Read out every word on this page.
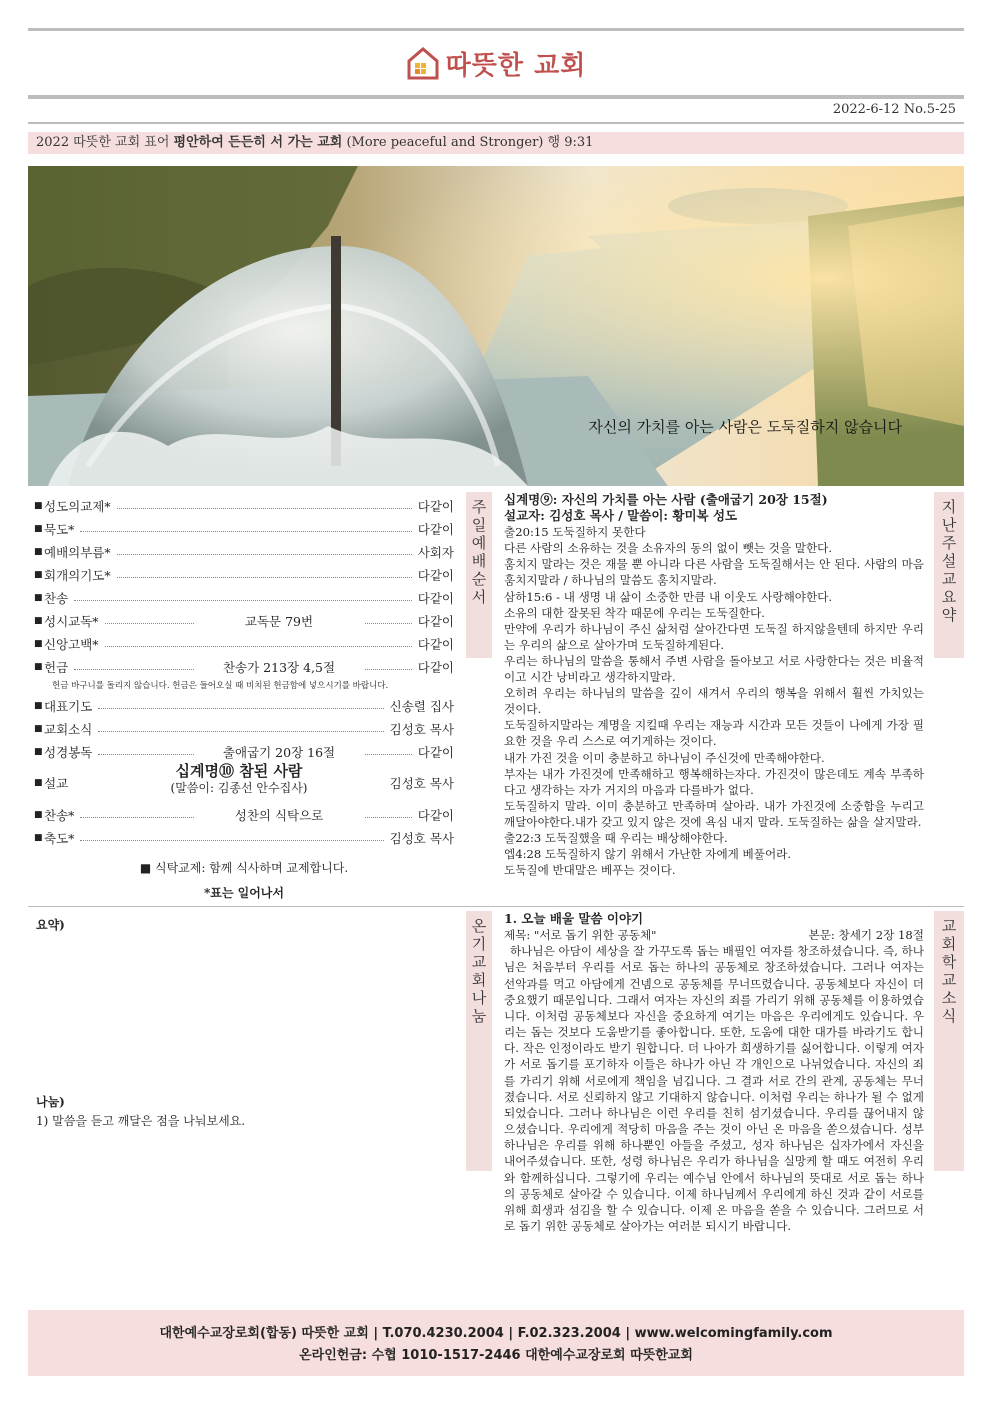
따뜻한 교회
2022-6-12 No.5-25
2022 따뜻한 교회 표어 평안하여 든든히 서 가는 교회 (More peaceful and Stronger) 행 9:31
자신의 가치를 아는 사람은 도둑질하지 않습니다
주
일
예
배
순
서
지
난
주
설
교
요
약
온
기
교
회
나
눔
교
회
학
교
소
식
■ 성도의교제*	다같이
■ 묵도*	다같이
■ 예배의부름*	사회자
■ 회개의기도*	다같이
■ 찬송	다같이
■ 성시교독*	교독문 79번	다같이
■ 신앙고백*	다같이
■ 헌금	찬송가 213장 4,5절	다같이
헌금 바구니를 돌리지 않습니다. 헌금은 들어오실 때 비치된 헌금함에 넣으시기를 바랍니다.
■ 대표기도	신송렬 집사
■ 교회소식	김성호 목사
■ 성경봉독	출애굽기 20장 16절	다같이
■ 설교
십계명⑩ 참된 사람
(말씀이: 김종선 안수집사)	김성호 목사
■ 찬송*	성찬의 식탁으로	다같이
■ 축도*	김성호 목사
■ 식탁교제: 함께 식사하며 교제합니다.
*표는 일어나서
십계명⑨: 자신의 가치를 아는 사람 (출애굽기 20장 15절)
설교자: 김성호 목사 / 말씀이: 황미복 성도
출20:15 도둑질하지 못한다
다른 사람의 소유하는 것을 소유자의 동의 없이 뺏는 것을 말한다.
훔치지 말라는 것은 재물 뿐 아니라 다른 사람을 도둑질해서는 안 된다. 사람의 마음 훔치지말라 / 하나님의 말씀도 훔치지말라.
삼하15:6 - 내 생명 내 삶이 소중한 만큼 내 이웃도 사랑해야한다.
소유의 대한 잘못된 착각 때문에 우리는 도둑질한다.
만약에 우리가 하나님이 주신 삶처럼 살아간다면 도둑질 하지않을텐데 하지만 우리는 우리의 삶으로 살아가며 도둑질하게된다.
우리는 하나님의 말씀을 통해서 주변 사람을 돌아보고 서로 사랑한다는 것은 비율적이고 시간 낭비라고 생각하지말라.
오히려 우리는 하나님의 말씀을 깊이 새겨서 우리의 행복을 위해서 훨씬 가치있는 것이다.
도둑질하지말라는 계명을 지킬때 우리는 재능과 시간과 모든 것들이 나에게 가장 필요한 것을 우리 스스로 여기게하는 것이다.
내가 가진 것을 이미 충분하고 하나님이 주신것에 만족해야한다.
부자는 내가 가진것에 만족해하고 행복해하는자다. 가진것이 많은데도 계속 부족하다고 생각하는 자가 거지의 마음과 다를바가 없다.
도둑질하지 말라. 이미 충분하고 만족하며 살아라. 내가 가진것에 소중함을 누리고 깨달아야한다.내가 갖고 있지 않은 것에 욕심 내지 말라. 도둑질하는 삶을 살지말라.
출22:3 도둑질했을 때 우리는 배상해야한다.
엡4:28 도둑질하지 않기 위해서 가난한 자에게 베풀어라.
도둑질에 반대말은 베푸는 것이다.
요약)
나눔)
1) 말씀을 듣고 깨달은 점을 나눠보세요.
1. 오늘 배울 말씀 이야기
제목: "서로 돕기 위한 공동체"	본문: 창세기 2장 18절
하나님은 아담이 세상을 잘 가꾸도록 돕는 배필인 여자를 창조하셨습니다. 즉, 하나님은 처음부터 우리를 서로 돕는 하나의 공동체로 창조하셨습니다. 그러나 여자는 선악과를 먹고 아담에게 건넴으로 공동체를 무너뜨렸습니다. 공동체보다 자신이 더 중요했기 때문입니다. 그래서 여자는 자신의 죄를 가리기 위해 공동체를 이용하였습니다. 이처럼 공동체보다 자신을 중요하게 여기는 마음은 우리에게도 있습니다. 우리는 돕는 것보다 도움받기를 좋아합니다. 또한, 도움에 대한 대가를 바라기도 합니다. 작은 인정이라도 받기 원합니다. 더 나아가 희생하기를 싫어합니다. 이렇게 여자가 서로 돕기를 포기하자 이들은 하나가 아닌 각 개인으로 나뉘었습니다. 자신의 죄를 가리기 위해 서로에게 책임을 넘깁니다. 그 결과 서로 간의 관계, 공동체는 무너졌습니다. 서로 신뢰하지 않고 기대하지 않습니다. 이처럼 우리는 하나가 될 수 없게 되었습니다. 그러나 하나님은 이런 우리를 친히 섬기셨습니다. 우리를 끊어내지 않으셨습니다. 우리에게 적당히 마음을 주는 것이 아닌 온 마음을 쏟으셨습니다. 성부 하나님은 우리를 위해 하나뿐인 아들을 주셨고, 성자 하나님은 십자가에서 자신을 내어주셨습니다. 또한, 성령 하나님은 우리가 하나님을 실망케 할 때도 여전히 우리와 함께하십니다. 그렇기에 우리는 예수님 안에서 하나님의 뜻대로 서로 돕는 하나의 공동체로 살아갈 수 있습니다. 이제 하나님께서 우리에게 하신 것과 같이 서로를 위해 희생과 섬김을 할 수 있습니다. 이제 온 마음을 쏟을 수 있습니다. 그러므로 서로 돕기 위한 공동체로 살아가는 여러분 되시기 바랍니다.
대한예수교장로회(합동) 따뜻한 교회 | T.070.4230.2004 | F.02.323.2004 | www.welcomingfamily.com
온라인헌금: 수협 1010-1517-2446 대한예수교장로회 따뜻한교회
